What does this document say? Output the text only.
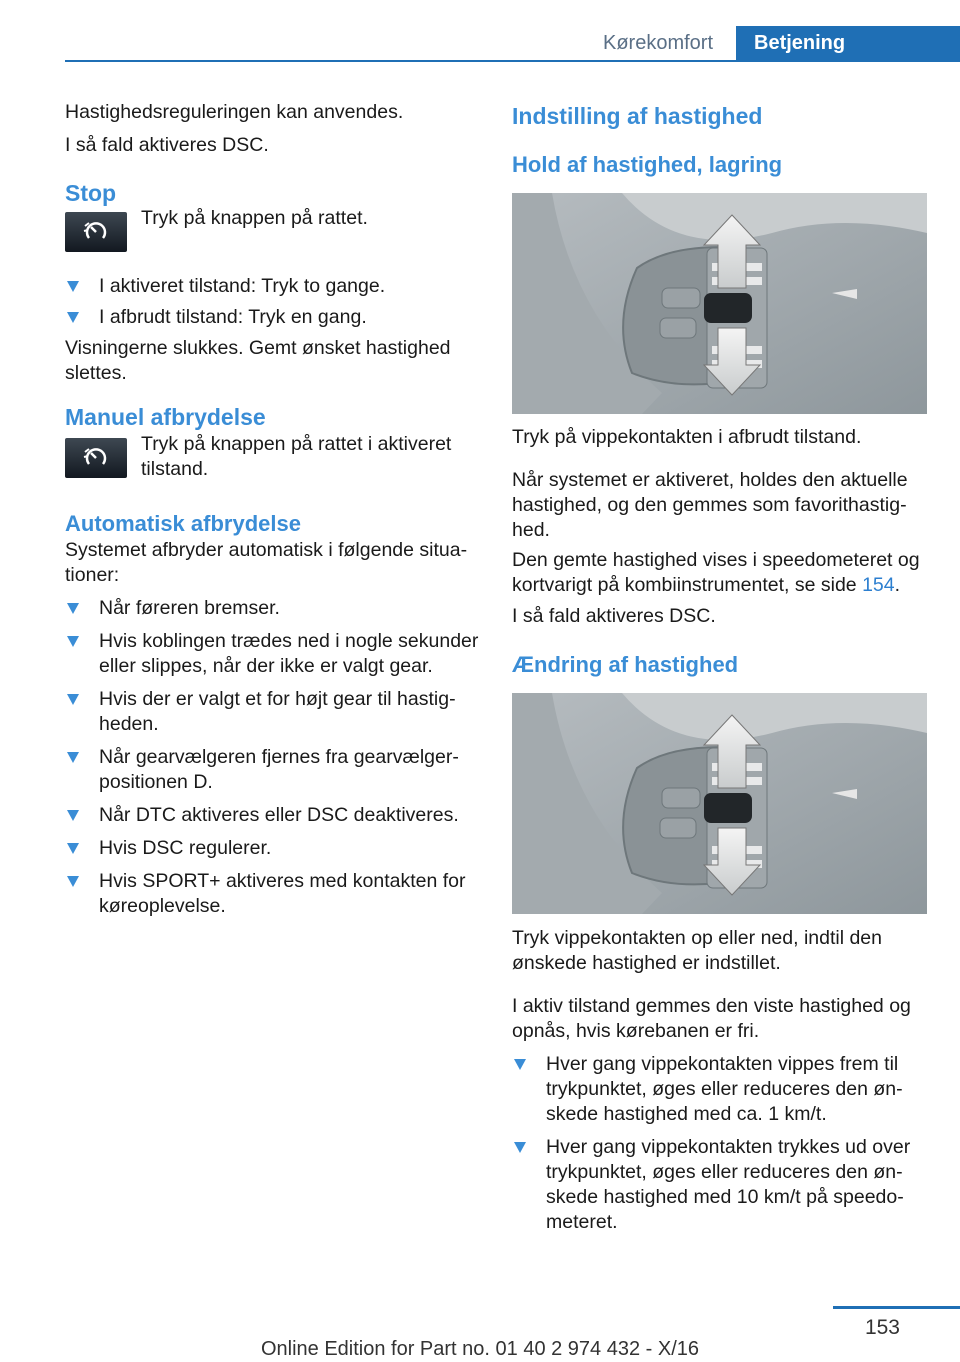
Kørekomfort	Betjening

Hastighedsreguleringen kan anvendes.

I så fald aktiveres DSC.

Stop

Tryk på knappen på rattet.

I aktiveret tilstand: Tryk to gange.
I afbrudt tilstand: Tryk en gang.

Visningerne slukkes. Gemt ønsket hastighed slettes.

Manuel afbrydelse

Tryk på knappen på rattet i aktiveret tilstand.

Automatisk afbrydelse

Systemet afbryder automatisk i følgende situationer:

Når føreren bremser.
Hvis koblingen trædes ned i nogle sekunder eller slippes, når der ikke er valgt gear.
Hvis der er valgt et for højt gear til hastigheden.
Når gearvælgeren fjernes fra gearvælgerpositionen D.
Når DTC aktiveres eller DSC deaktiveres.
Hvis DSC regulerer.
Hvis SPORT+ aktiveres med kontakten for køreoplevelse.
Indstilling af hastighed
Hold af hastighed, lagring

Tryk på vippekontakten i afbrudt tilstand.

Når systemet er aktiveret, holdes den aktuelle hastighed, og den gemmes som favorithastighed.

Den gemte hastighed vises i speedometeret og kortvarigt på kombiinstrumentet, se side 154.

I så fald aktiveres DSC.

Ændring af hastighed

Tryk vippekontakten op eller ned, indtil den ønskede hastighed er indstillet.

I aktiv tilstand gemmes den viste hastighed og opnås, hvis kørebanen er fri.

Hver gang vippekontakten vippes frem til trykpunktet, øges eller reduceres den ønskede hastighed med ca. 1 km/t.
Hver gang vippekontakten trykkes ud over trykpunktet, øges eller reduceres den ønskede hastighed med 10 km/t på speedometeret.
153
Online Edition for Part no. 01 40 2 974 432 - X/16
